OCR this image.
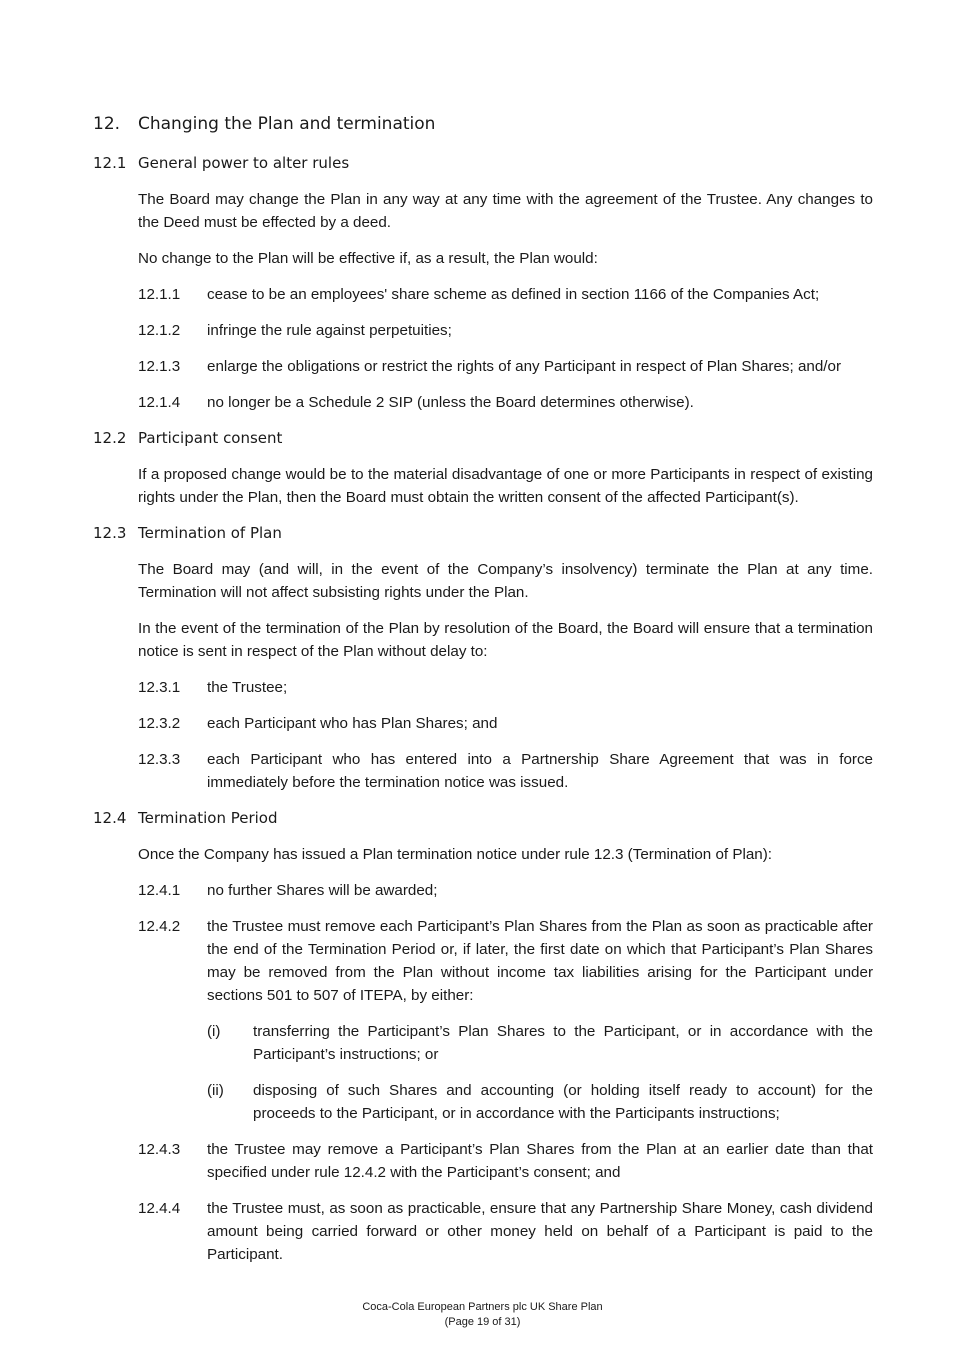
12. Changing the Plan and termination
12.1 General power to alter rules
The Board may change the Plan in any way at any time with the agreement of the Trustee. Any changes to the Deed must be effected by a deed.
No change to the Plan will be effective if, as a result, the Plan would:
12.1.1	cease to be an employees' share scheme as defined in section 1166 of the Companies Act;
12.1.2	infringe the rule against perpetuities;
12.1.3	enlarge the obligations or restrict the rights of any Participant in respect of Plan Shares; and/or
12.1.4	no longer be a Schedule 2 SIP (unless the Board determines otherwise).
12.2 Participant consent
If a proposed change would be to the material disadvantage of one or more Participants in respect of existing rights under the Plan, then the Board must obtain the written consent of the affected Participant(s).
12.3 Termination of Plan
The Board may (and will, in the event of the Company’s insolvency) terminate the Plan at any time. Termination will not affect subsisting rights under the Plan.
In the event of the termination of the Plan by resolution of the Board, the Board will ensure that a termination notice is sent in respect of the Plan without delay to:
12.3.1	the Trustee;
12.3.2	each Participant who has Plan Shares; and
12.3.3	each Participant who has entered into a Partnership Share Agreement that was in force immediately before the termination notice was issued.
12.4 Termination Period
Once the Company has issued a Plan termination notice under rule 12.3 (Termination of Plan):
12.4.1	no further Shares will be awarded;
12.4.2	the Trustee must remove each Participant’s Plan Shares from the Plan as soon as practicable after the end of the Termination Period or, if later, the first date on which that Participant’s Plan Shares may be removed from the Plan without income tax liabilities arising for the Participant under sections 501 to 507 of ITEPA, by either:
(i)	transferring the Participant’s Plan Shares to the Participant, or in accordance with the Participant’s instructions; or
(ii)	disposing of such Shares and accounting (or holding itself ready to account) for the proceeds to the Participant, or in accordance with the Participants instructions;
12.4.3	the Trustee may remove a Participant’s Plan Shares from the Plan at an earlier date than that specified under rule 12.4.2 with the Participant’s consent; and
12.4.4	the Trustee must, as soon as practicable, ensure that any Partnership Share Money, cash dividend amount being carried forward or other money held on behalf of a Participant is paid to the Participant.
Coca-Cola European Partners plc UK Share Plan
(Page 19 of 31)
